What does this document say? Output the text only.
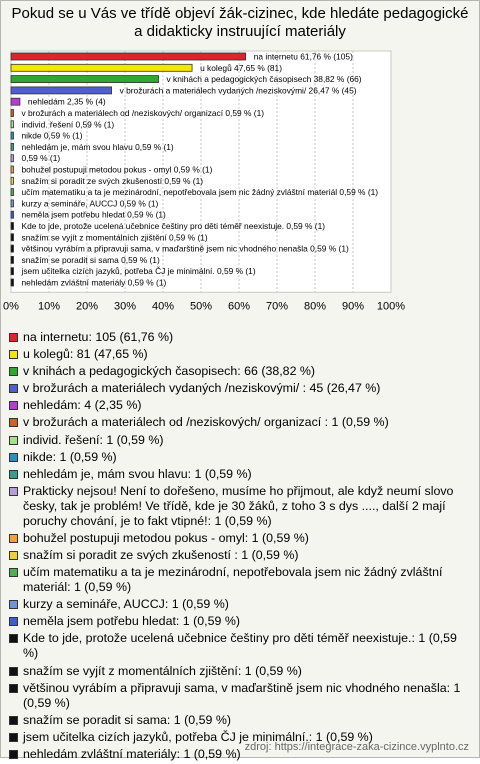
Pokud se u Vás ve třídě objeví žák-cizinec, kde hledáte pedagogické
a didakticky instruující materiály
0% 10% 20% 30% 40% 50% 60% 70% 80% 90% 100%
na internetu 61,76 % (105)
u kolegů 47,65 % (81)
v knihách a pedagogických časopisech 38,82 % (66)
v brožurách a materiálech vydaných /neziskovými/ 26,47 % (45)
nehledám 2,35 % (4)
v brožurách a materiálech od /neziskových/ organizací 0,59 % (1)
individ. řešení 0,59 % (1)
nikde 0,59 % (1)
nehledám je, mám svou hlavu 0,59 % (1)
0,59 % (1)
bohužel postupuji metodou pokus - omyl 0,59 % (1)
snažím si poradit ze svých zkušeností 0,59 % (1)
učím matematiku a ta je mezinárodní, nepotřebovala jsem nic žádný zvláštní materiál 0,59 % (1)
kurzy a semináře, AUCCJ 0,59 % (1)
neměla jsem potřebu hledat 0,59 % (1)
Kde to jde, protože ucelená učebnice češtiny pro děti téměř neexistuje. 0,59 % (1)
snažím se vyjít z momentálních zjištění 0,59 % (1)
většinou vyrábím a připravuji sama, v maďarštině jsem nic vhodného nenašla 0,59 % (1)
snažím se poradit si sama 0,59 % (1)
jsem učitelka cizích jazyků, potřeba ČJ je minimální. 0,59 % (1)
nehledám zvláštní materiály 0,59 % (1)
na internetu: 105 (61,76 %)
u kolegů: 81 (47,65 %)
v knihách a pedagogických časopisech: 66 (38,82 %)
v brožurách a materiálech vydaných /neziskovými/ : 45 (26,47 %)
nehledám: 4 (2,35 %)
v brožurách a materiálech od /neziskových/ organizací : 1 (0,59 %)
individ. řešení: 1 (0,59 %)
nikde: 1 (0,59 %)
nehledám je, mám svou hlavu: 1 (0,59 %)
Prakticky nejsou! Není to dořešeno, musíme ho přijmout, ale když neumí slovo česky, tak je problém! Ve třídě, kde je 30 žáků, z toho 3 s dys ...., další 2 mají poruchy chování, je to fakt vtipné!: 1 (0,59 %)
bohužel postupuji metodou pokus - omyl: 1 (0,59 %)
snažím si poradit ze svých zkušeností : 1 (0,59 %)
učím matematiku a ta je mezinárodní, nepotřebovala jsem nic žádný zvláštní materiál: 1 (0,59 %)
kurzy a semináře, AUCCJ: 1 (0,59 %)
neměla jsem potřebu hledat: 1 (0,59 %)
Kde to jde, protože ucelená učebnice češtiny pro děti téměř neexistuje.: 1 (0,59 %)
snažím se vyjít z momentálních zjištění: 1 (0,59 %)
většinou vyrábím a připravuji sama, v maďarštině jsem nic vhodného nenašla: 1 (0,59 %)
snažím se poradit si sama: 1 (0,59 %)
jsem učitelka cizích jazyků, potřeba ČJ je minimální.: 1 (0,59 %)
nehledám zvláštní materiály: 1 (0,59 %) zdroj: https://integrace-zaka-cizince.vyplnto.cz
